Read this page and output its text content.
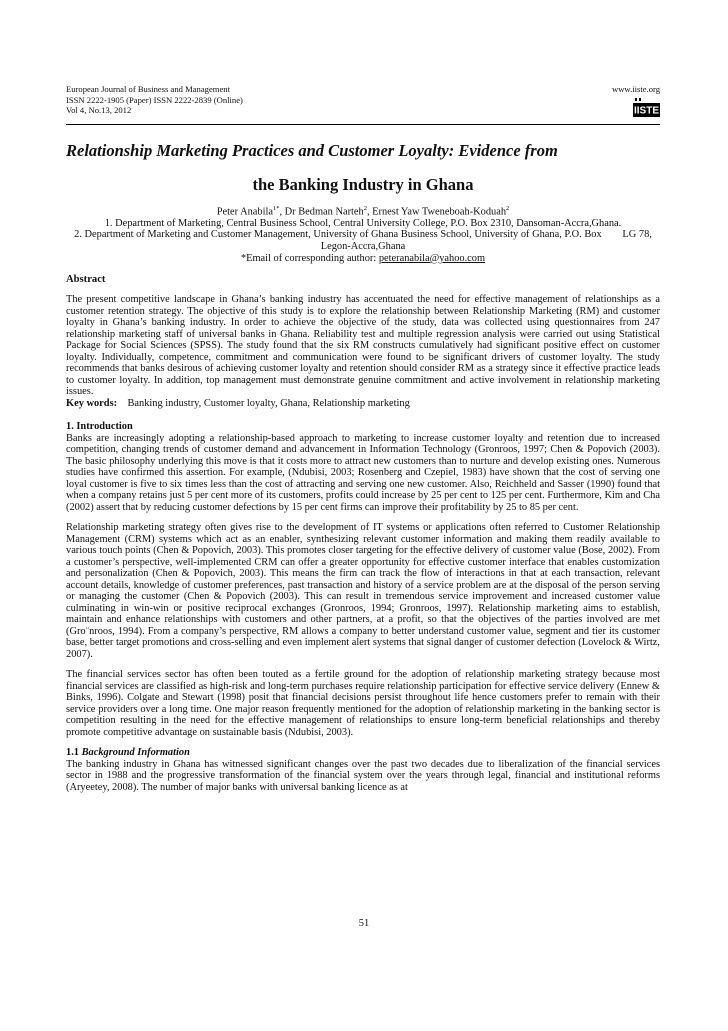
European Journal of Business and Management
ISSN 2222-1905 (Paper) ISSN 2222-2839 (Online)
Vol 4, No.13, 2012
www.iiste.org
IISTE
Relationship Marketing Practices and Customer Loyalty: Evidence from
the Banking Industry in Ghana
Peter Anabila$^{1*}$, Dr Bedman Narteh$^2$, Ernest Yaw Tweneboah-Koduah$^2$
1. Department of Marketing, Central Business School, Central University College, P.O. Box 2310, Dansoman-Accra,Ghana.
2. Department of Marketing and Customer Management, University of Ghana Business School, University of Ghana, P.O. Box        LG 78, Legon-Accra,Ghana
*Email of corresponding author: peteranabila@yahoo.com
Abstract

The present competitive landscape in Ghana’s banking industry has accentuated the need for effective management of relationships as a customer retention strategy. The objective of this study is to explore the relationship between Relationship Marketing (RM) and customer loyalty in Ghana’s banking industry. In order to achieve the objective of the study, data was collected using questionnaires from 247 relationship marketing staff of universal banks in Ghana. Reliability test and multiple regression analysis were carried out using Statistical Package for Social Sciences (SPSS). The study found that the six RM constructs cumulatively had significant positive effect on customer loyalty. Individually, competence, commitment and communication were found to be significant drivers of customer loyalty. The study recommends that banks desirous of achieving customer loyalty and retention should consider RM as a strategy since it effective practice leads to customer loyalty. In addition, top management must demonstrate genuine commitment and active involvement in relationship marketing issues.

Key words: Banking industry, Customer loyalty, Ghana, Relationship marketing

1. Introduction

Banks are increasingly adopting a relationship-based approach to marketing to increase customer loyalty and retention due to increased competition, changing trends of customer demand and advancement in Information Technology (Gronroos, 1997; Chen & Popovich (2003). The basic philosophy underlying this move is that it costs more to attract new customers than to nurture and develop existing ones. Numerous studies have confirmed this assertion. For example, (Ndubisi, 2003; Rosenberg and Czepiel, 1983) have shown that the cost of serving one loyal customer is five to six times less than the cost of attracting and serving one new customer. Also, Reichheld and Sasser (1990) found that when a company retains just 5 per cent more of its customers, profits could increase by 25 per cent to 125 per cent. Furthermore, Kim and Cha (2002) assert that by reducing customer defections by 15 per cent firms can improve their profitability by 25 to 85 per cent.

Relationship marketing strategy often gives rise to the development of IT systems or applications often referred to Customer Relationship Management (CRM) systems which act as an enabler, synthesizing relevant customer information and making them readily available to various touch points (Chen & Popovich, 2003). This promotes closer targeting for the effective delivery of customer value (Bose, 2002). From a customer’s perspective, well-implemented CRM can offer a greater opportunity for effective customer interface that enables customization and personalization (Chen & Popovich, 2003). This means the firm can track the flow of interactions in that at each transaction, relevant account details, knowledge of customer preferences, past transaction and history of a service problem are at the disposal of the person serving or managing the customer (Chen & Popovich (2003). This can result in tremendous service improvement and increased customer value culminating in win-win or positive reciprocal exchanges (Gronroos, 1994; Gronroos, 1997). Relationship marketing aims to establish, maintain and enhance relationships with customers and other partners, at a profit, so that the objectives of the parties involved are met (Gro¨nroos, 1994). From a company’s perspective, RM allows a company to better understand customer value, segment and tier its customer base, better target promotions and cross-selling and even implement alert systems that signal danger of customer defection (Lovelock & Wirtz, 2007).

The financial services sector has often been touted as a fertile ground for the adoption of relationship marketing strategy because most financial services are classified as high-risk and long-term purchases require relationship participation for effective service delivery (Ennew & Binks, 1996). Colgate and Stewart (1998) posit that financial decisions persist throughout life hence customers prefer to remain with their service providers over a long time. One major reason frequently mentioned for the adoption of relationship marketing in the banking sector is competition resulting in the need for the effective management of relationships to ensure long-term beneficial relationships and thereby promote competitive advantage on sustainable basis (Ndubisi, 2003).

1.1 Background Information

The banking industry in Ghana has witnessed significant changes over the past two decades due to liberalization of the financial services sector in 1988 and the progressive transformation of the financial system over the years through legal, financial and institutional reforms (Aryeetey, 2008). The number of major banks with universal banking licence as at

51
